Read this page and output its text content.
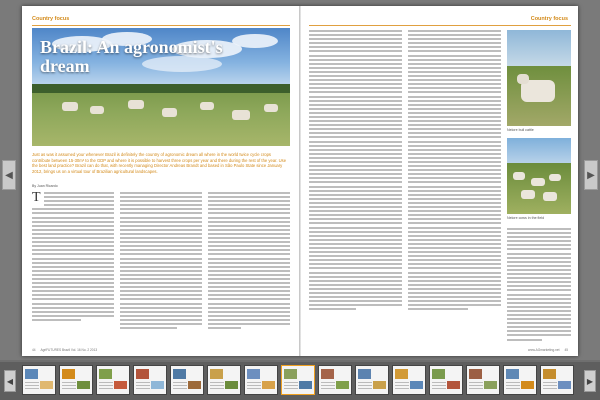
◀
Country focus
Brazil: An agronomist's
dream
Just as was it assumed your whenever Brazil is definitely the country of agronomic dream all where in the world twice cycle crops contribute between 15-30m³ to the GDP and where it is possible to harvest three crops per year and there during the rest of the year. Use the best land practice? Brazil can do that, with recently managing Director Andreas Brandt and based in São Paulo State since January 2012, brings us on a virtual tour of Brazilian agricultural landscapes.
By Juan Ricardo
T
44 AgriFUTURES Brazil Vol. 16 No. 2 2013
Country focus
Nelore bull cattle
Nelore cows in the field
www.AGmarketing.net 45
▶
◀	▶
